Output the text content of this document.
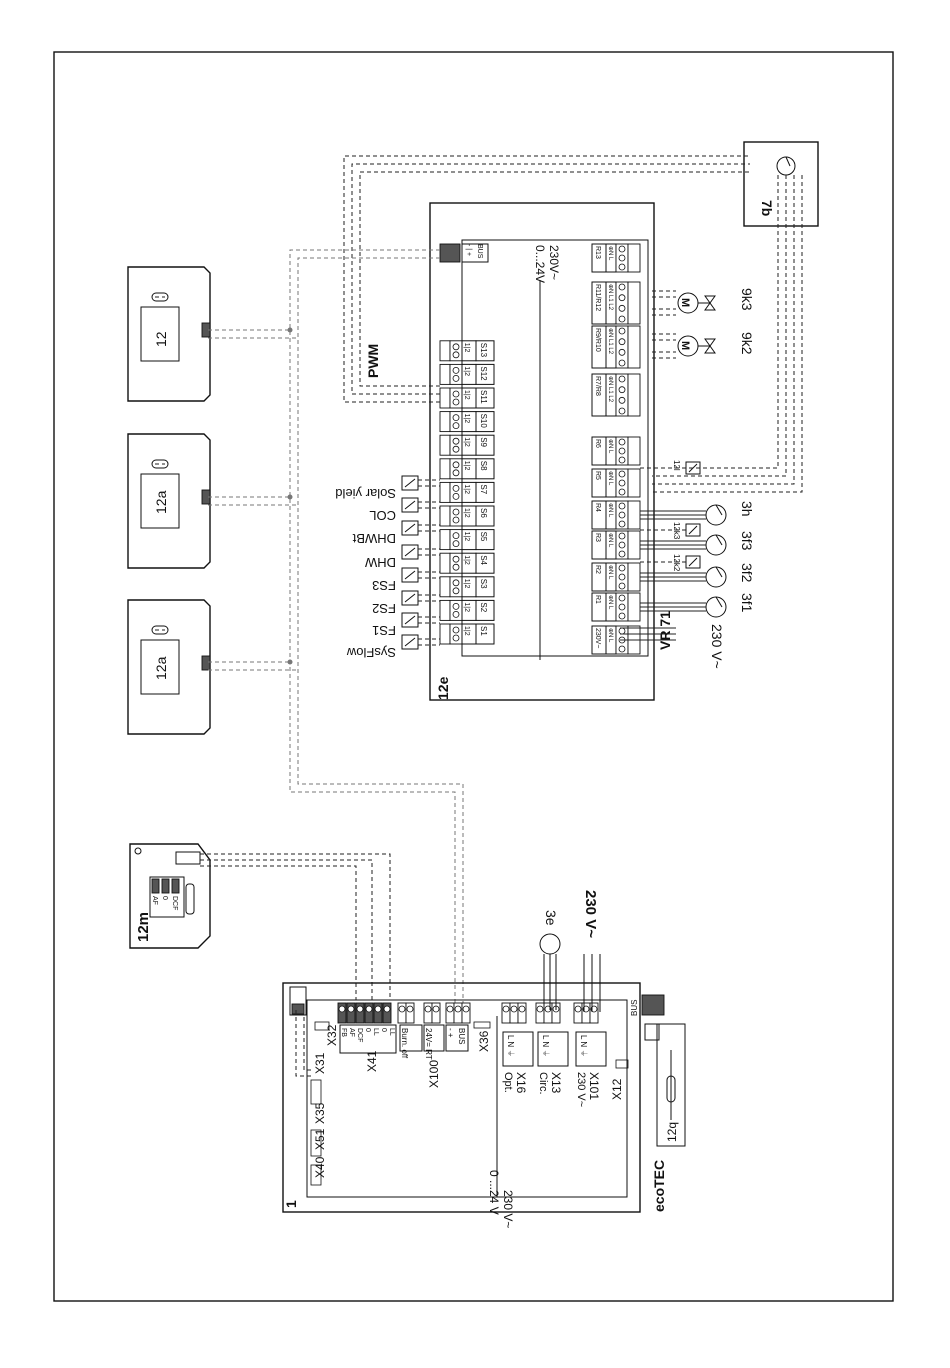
0...24V 230V~
VR 71
12e
- | + BUS
PWM
1|2 S1
1|2 S2
1|2 S3
1|2 S4
1|2 S5
1|2 S6
1|2 S7
1|2 S8
1|2 S9
1|2 S10
1|2 S11
1|2 S12
1|2 S13
230V~ ⊕N L
R1 ⊕N L
R2 ⊕N L
R3 ⊕N L
R4 ⊕N L
R5 ⊕N L
R6 ⊕N L
R7/R8 ⊕N L1 L2
R9/R10 ⊕N L1 L2
R11/R12 ⊕N L1 L2
R13 ⊕N L
SysFlow
FS1
FS2
FS3
DHW
DHWBt
COL
Solar yield
3f1
3f2
3f3
3h
12k2
12k3
12l
M	9k2
M	9k3
230 V~
7b
12a
12a
12
AF 0 DCF
12m
1	ecoTEC
0 ...24 V 230 V~
BUS
FB AF DCF 0 LL 0 LL Burn. off 24V= RT - + BUS	L N ⏚	L N ⏚	L N ⏚
Opt. Circ. 230 V~
X31
X32
X35
X40
X51
X41	X100
X36
X16 X13 X101 X12
3e 230 V~
12q
